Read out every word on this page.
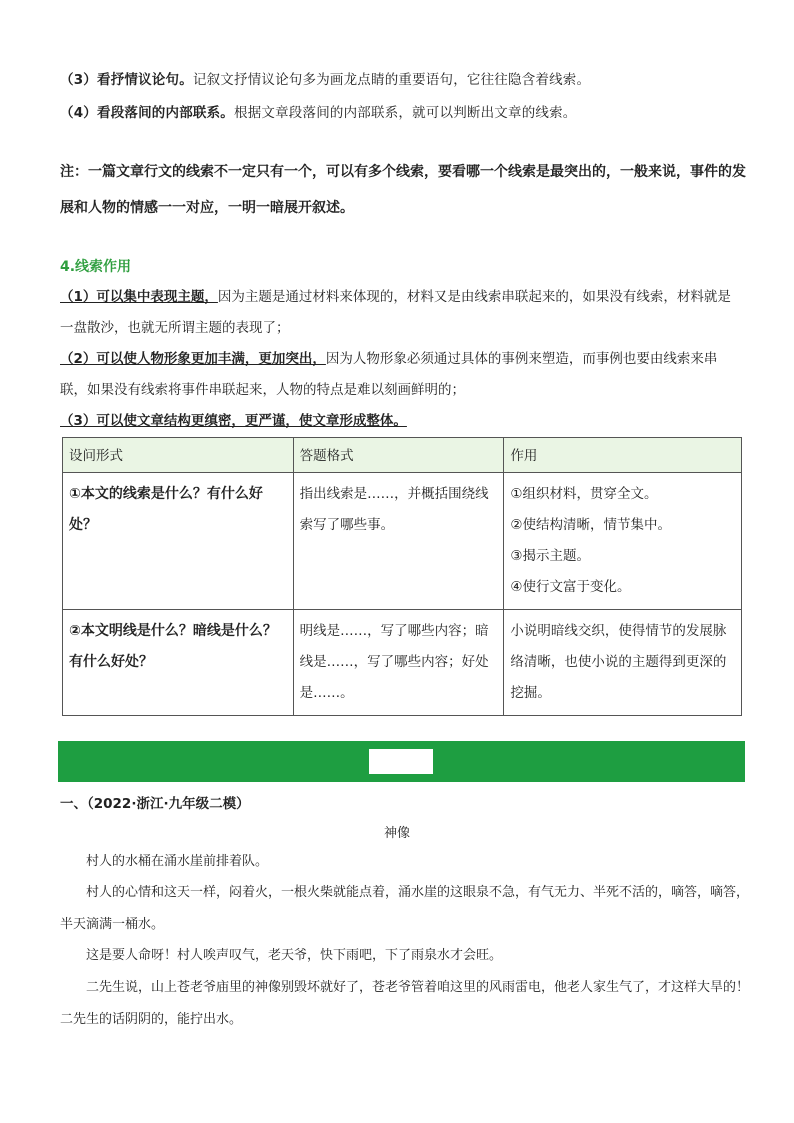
（3）看抒情议论句。记叙文抒情议论句多为画龙点睛的重要语句，它往往隐含着线索。
（4）看段落间的内部联系。根据文章段落间的内部联系，就可以判断出文章的线索。
注：一篇文章行文的线索不一定只有一个，可以有多个线索，要看哪一个线索是最突出的，一般来说，事件的发展和人物的情感一一对应，一明一暗展开叙述。
4.线索作用
（1）可以集中表现主题，因为主题是通过材料来体现的，材料又是由线索串联起来的，如果没有线索，材料就是一盘散沙，也就无所谓主题的表现了；
（2）可以使人物形象更加丰满，更加突出，因为人物形象必须通过具体的事例来塑造，而事例也要由线索来串联，如果没有线索将事件串联起来，人物的特点是难以刻画鲜明的；
（3）可以使文章结构更缜密，更严谨，使文章形成整体。
设问形式	答题格式	作用
①本文的线索是什么？有什么好处？	指出线索是……，并概括围绕线索写了哪些事。	①组织材料，贯穿全文。
②使结构清晰，情节集中。
③揭示主题。
④使行文富于变化。

②本文明线是什么？暗线是什么？有什么好处？	明线是……，写了哪些内容；暗线是……，写了哪些内容；好处是……。	小说明暗线交织，使得情节的发展脉络清晰，也使小说的主题得到更深的挖掘。
一、（2022·浙江·九年级二模）
神像
村人的水桶在涌水崖前排着队。
村人的心情和这天一样，闷着火，一根火柴就能点着，涌水崖的这眼泉不急，有气无力、半死不活的，嘀答，嘀答，半天滴满一桶水。
这是要人命呀！村人唉声叹气，老天爷，快下雨吧，下了雨泉水才会旺。
二先生说，山上苍老爷庙里的神像别毁坏就好了，苍老爷管着咱这里的风雨雷电，他老人家生气了，才这样大旱的！二先生的话阴阴的，能拧出水。
